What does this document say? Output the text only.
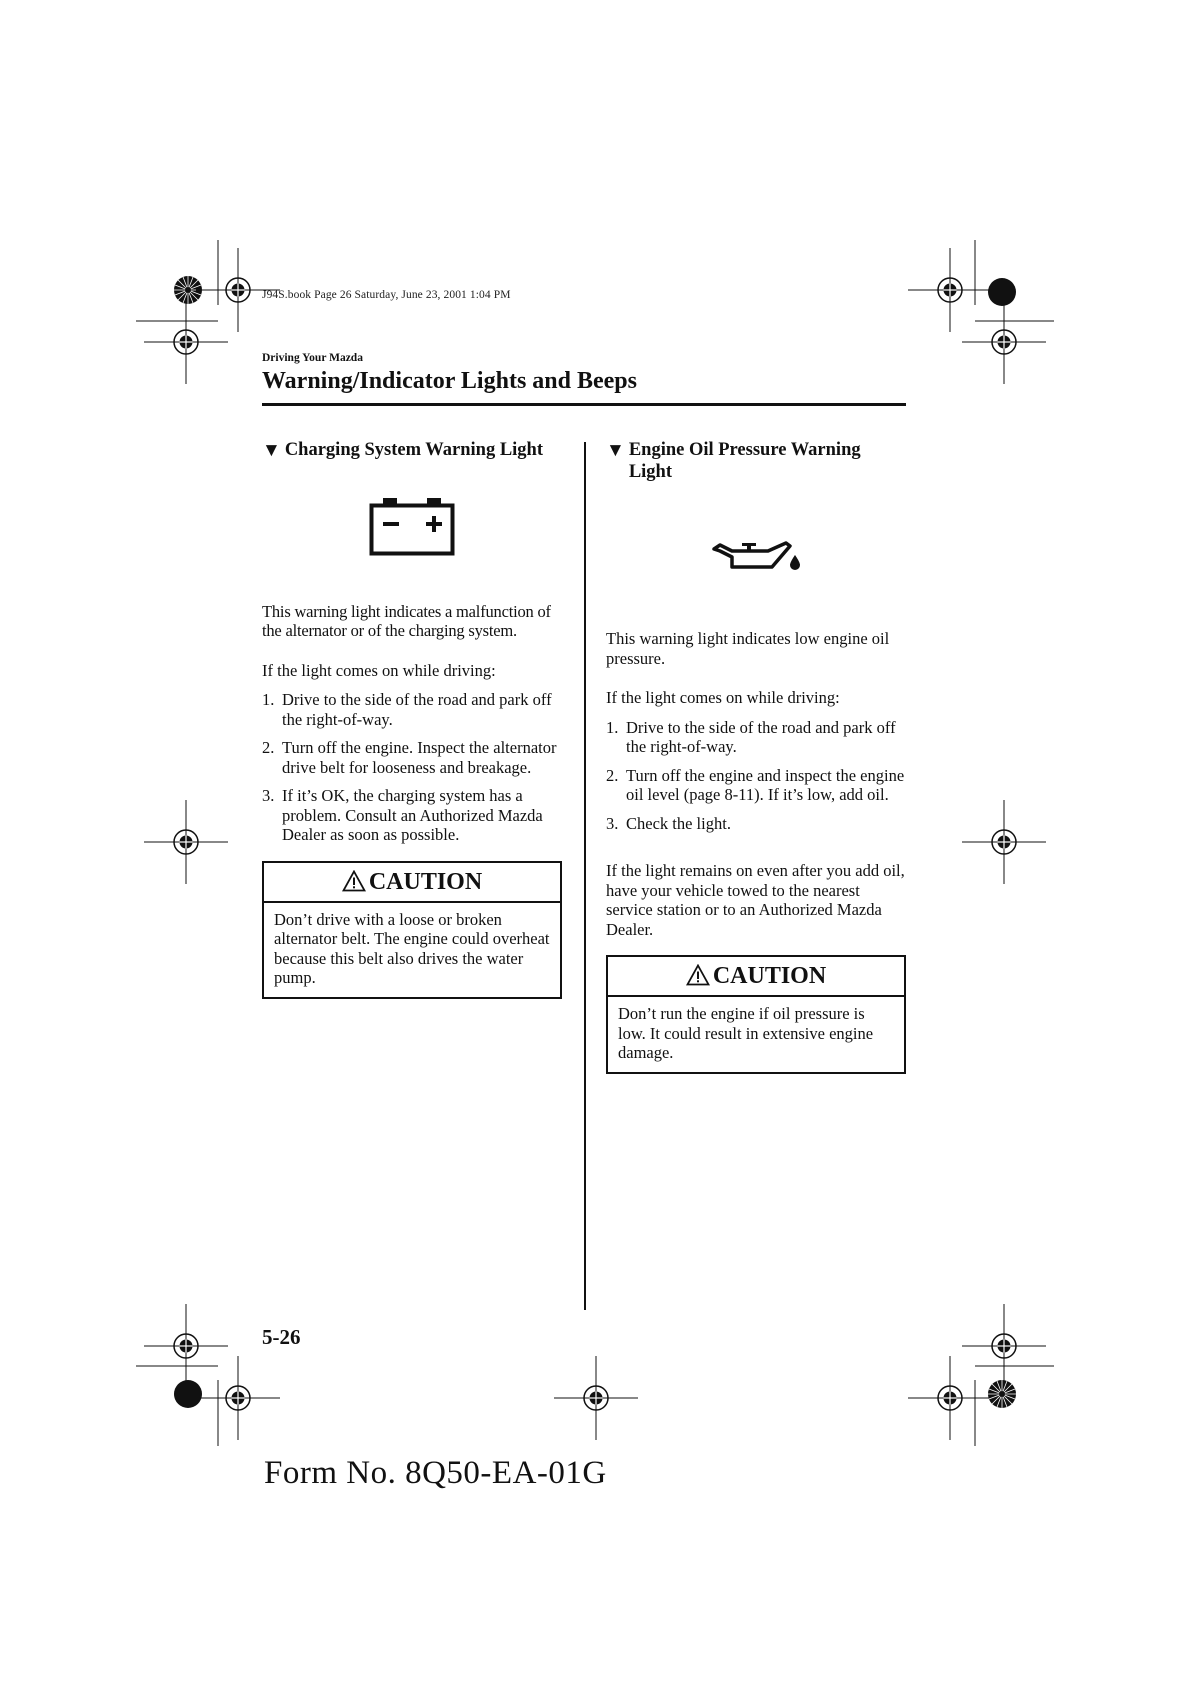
J94S.book Page 26 Saturday, June 23, 2001 1:04 PM
Driving Your Mazda
Warning/Indicator Lights and Beeps
▼ Charging System Warning Light

This warning light indicates a malfunction of the alternator or of the charging system.

If the light comes on while driving:

1. Drive to the side of the road and park off the right-of-way.
2. Turn off the engine. Inspect the alternator drive belt for looseness and breakage.
3. If it’s OK, the charging system has a problem. Consult an Authorized Mazda Dealer as soon as possible.
CAUTION
Don’t drive with a loose or broken alternator belt. The engine could overheat because this belt also drives the water pump.
▼ Engine Oil Pressure Warning Light

This warning light indicates low engine oil pressure.

If the light comes on while driving:

1. Drive to the side of the road and park off the right-of-way.
2. Turn off the engine and inspect the engine oil level (page 8-11). If it’s low, add oil.
3. Check the light.

If the light remains on even after you add oil, have your vehicle towed to the nearest service station or to an Authorized Mazda Dealer.

CAUTION
Don’t run the engine if oil pressure is low. It could result in extensive engine damage.
5-26
Form No. 8Q50-EA-01G
